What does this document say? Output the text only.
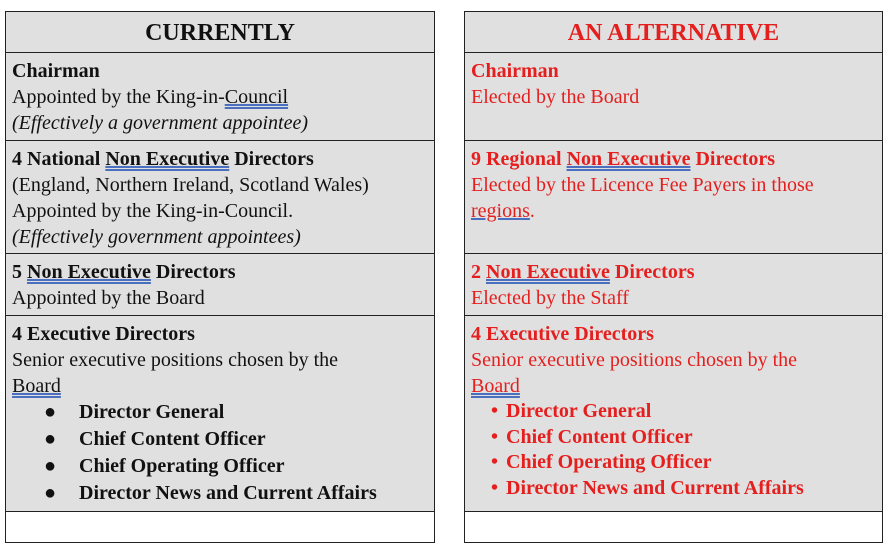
CURRENTLY
Chairman
Appointed by the King-in-Council
(Effectively a government appointee)
4 National Non Executive Directors
(England, Northern Ireland, Scotland Wales)
Appointed by the King-in-Council.
(Effectively government appointees)
5 Non Executive Directors
Appointed by the Board
4 Executive Directors
Senior executive positions chosen by the
Board
● Director General
● Chief Content Officer
● Chief Operating Officer
● Director News and Current Affairs
AN ALTERNATIVE
Chairman
Elected by the Board
9 Regional Non Executive Directors
Elected by the Licence Fee Payers in those
regions.
2 Non Executive Directors
Elected by the Staff
4 Executive Directors
Senior executive positions chosen by the
Board
• Director General
• Chief Content Officer
• Chief Operating Officer
• Director News and Current Affairs
